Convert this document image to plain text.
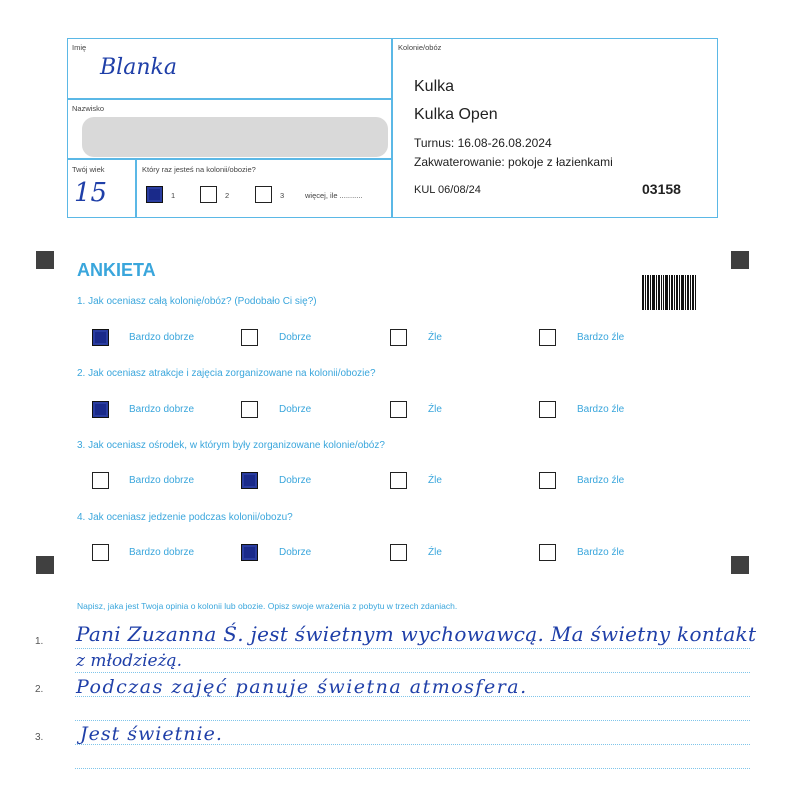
Imię
Blanka
Nazwisko
Twój wiek
15
Który raz jesteś na kolonii/obozie?
1	2	3	więcej, ile ...........
Kolonie/obóz
Kulka
Kulka Open
Turnus: 16.08-26.08.2024
Zakwaterowanie: pokoje z łazienkami
KUL 06/08/24	03158
ANKIETA
1. Jak oceniasz całą kolonię/obóz? (Podobało Ci się?)
Bardzo dobrze	Dobrze	Źle	Bardzo źle
2. Jak oceniasz atrakcje i zajęcia zorganizowane na kolonii/obozie?
Bardzo dobrze	Dobrze	Źle	Bardzo źle
3. Jak oceniasz ośrodek, w którym były zorganizowane kolonie/obóz?
Bardzo dobrze	Dobrze	Źle	Bardzo źle
4. Jak oceniasz jedzenie podczas kolonii/obozu?
Bardzo dobrze	Dobrze	Źle	Bardzo źle
Napisz, jaka jest Twoja opinia o kolonii lub obozie. Opisz swoje wrażenia z pobytu w trzech zdaniach.
1.
2.
3.
Pani Zuzanna Ś. jest świetnym wychowawcą. Ma świetny kontakt
z młodzieżą.
Podczas zajęć panuje świetna atmosfera.
Jest świetnie.
